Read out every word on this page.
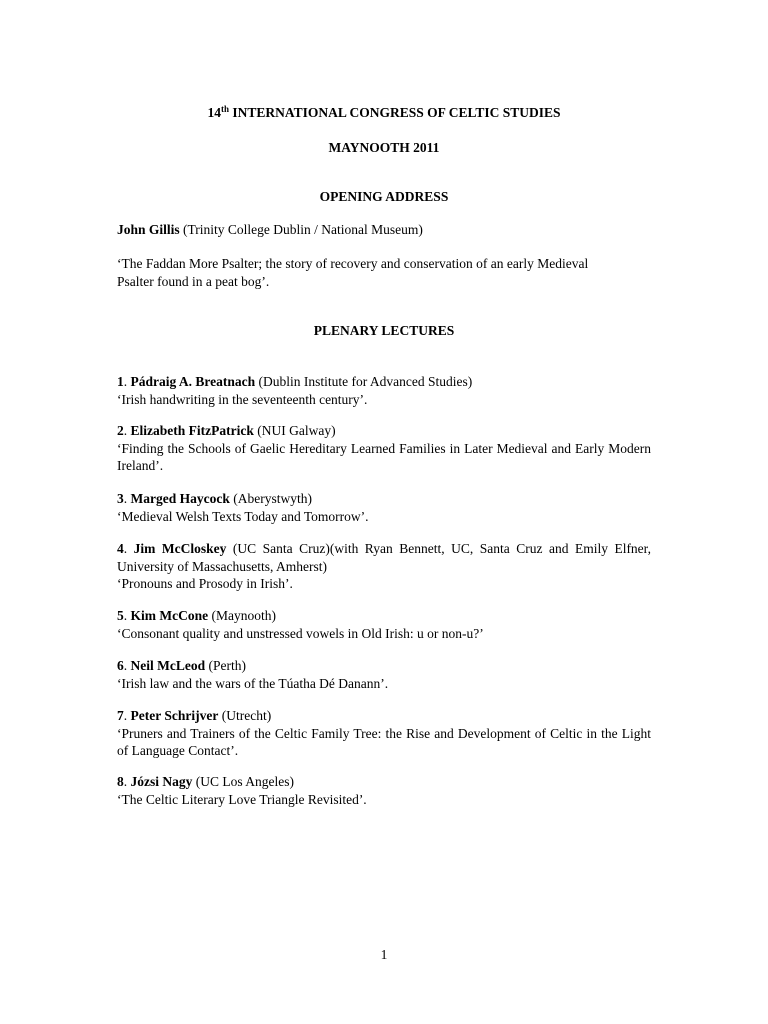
14th INTERNATIONAL CONGRESS OF CELTIC STUDIES
MAYNOOTH 2011
OPENING ADDRESS
John Gillis (Trinity College Dublin / National Museum)
‘The Faddan More Psalter; the story of recovery and conservation of an early Medieval Psalter found in a peat bog’.
PLENARY LECTURES
1. Pádraig A. Breatnach (Dublin Institute for Advanced Studies)
‘Irish handwriting in the seventeenth century’.
2. Elizabeth FitzPatrick (NUI Galway)
‘Finding the Schools of Gaelic Hereditary Learned Families in Later Medieval and Early Modern Ireland’.
3. Marged Haycock (Aberystwyth)
‘Medieval Welsh Texts Today and Tomorrow’.
4. Jim McCloskey (UC Santa Cruz)(with Ryan Bennett, UC, Santa Cruz and Emily Elfner, University of Massachusetts, Amherst)
‘Pronouns and Prosody in Irish’.
5. Kim McCone (Maynooth)
‘Consonant quality and unstressed vowels in Old Irish: u or non-u?’
6. Neil McLeod (Perth)
‘Irish law and the wars of the Túatha Dé Danann’.
7. Peter Schrijver (Utrecht)
‘Pruners and Trainers of the Celtic Family Tree: the Rise and Development of Celtic in the Light of Language Contact’.
8. Józsi Nagy (UC Los Angeles)
‘The Celtic Literary Love Triangle Revisited’.
1
